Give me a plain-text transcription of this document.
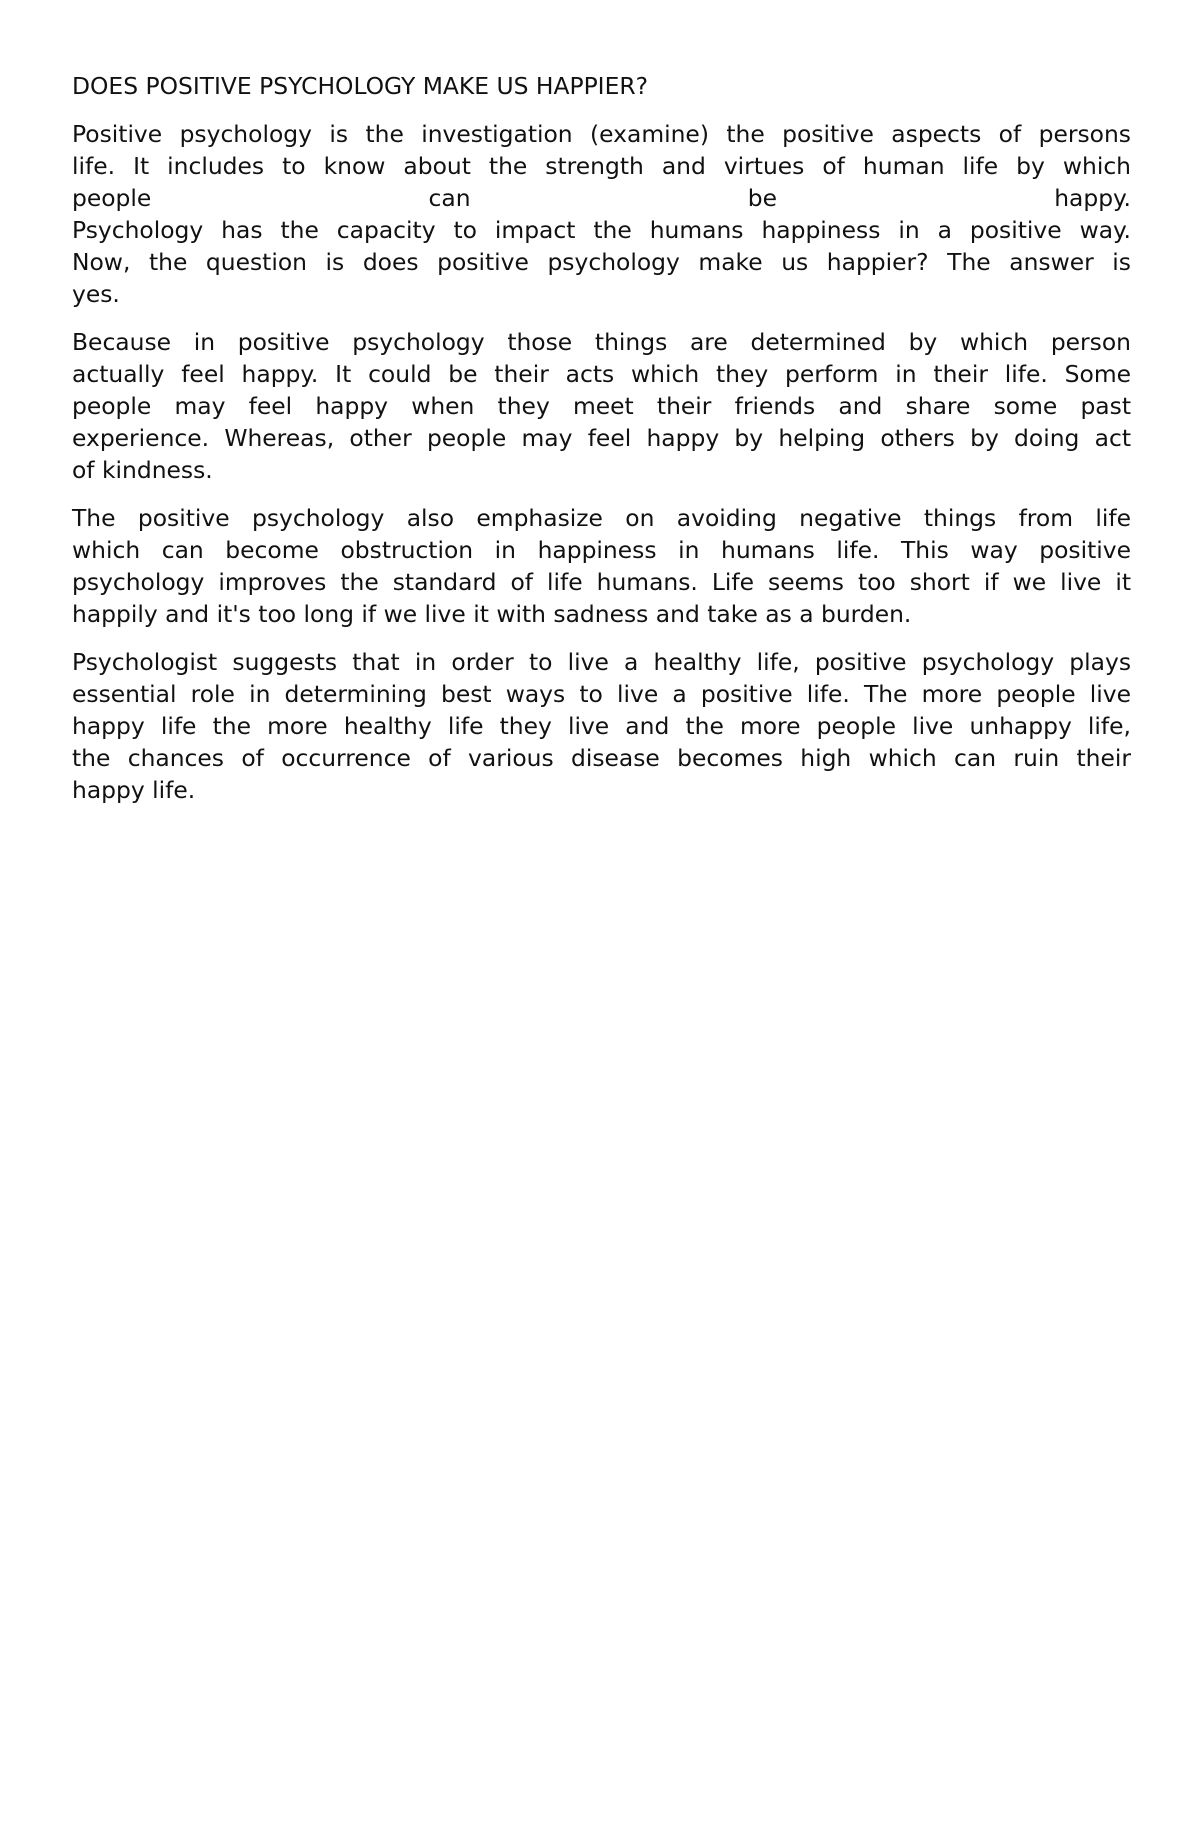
DOES POSITIVE PSYCHOLOGY MAKE US HAPPIER?

Positive psychology is the investigation (examine) the positive aspects of persons
life. It includes to know about the strength and virtues of human life by which
people can be happy.
Psychology has the capacity to impact the humans happiness in a positive way.
Now, the question is does positive psychology make us happier? The answer is
yes.

Because in positive psychology those things are determined by which person
actually feel happy. It could be their acts which they perform in their life. Some
people may feel happy when they meet their friends and share some past
experience. Whereas, other people may feel happy by helping others by doing act
of kindness.

The positive psychology also emphasize on avoiding negative things from life
which can become obstruction in happiness in humans life. This way positive
psychology improves the standard of life humans. Life seems too short if we live it
happily and it's too long if we live it with sadness and take as a burden.

Psychologist suggests that in order to live a healthy life, positive psychology plays
essential role in determining best ways to live a positive life. The more people live
happy life the more healthy life they live and the more people live unhappy life,
the chances of occurrence of various disease becomes high which can ruin their
happy life.
